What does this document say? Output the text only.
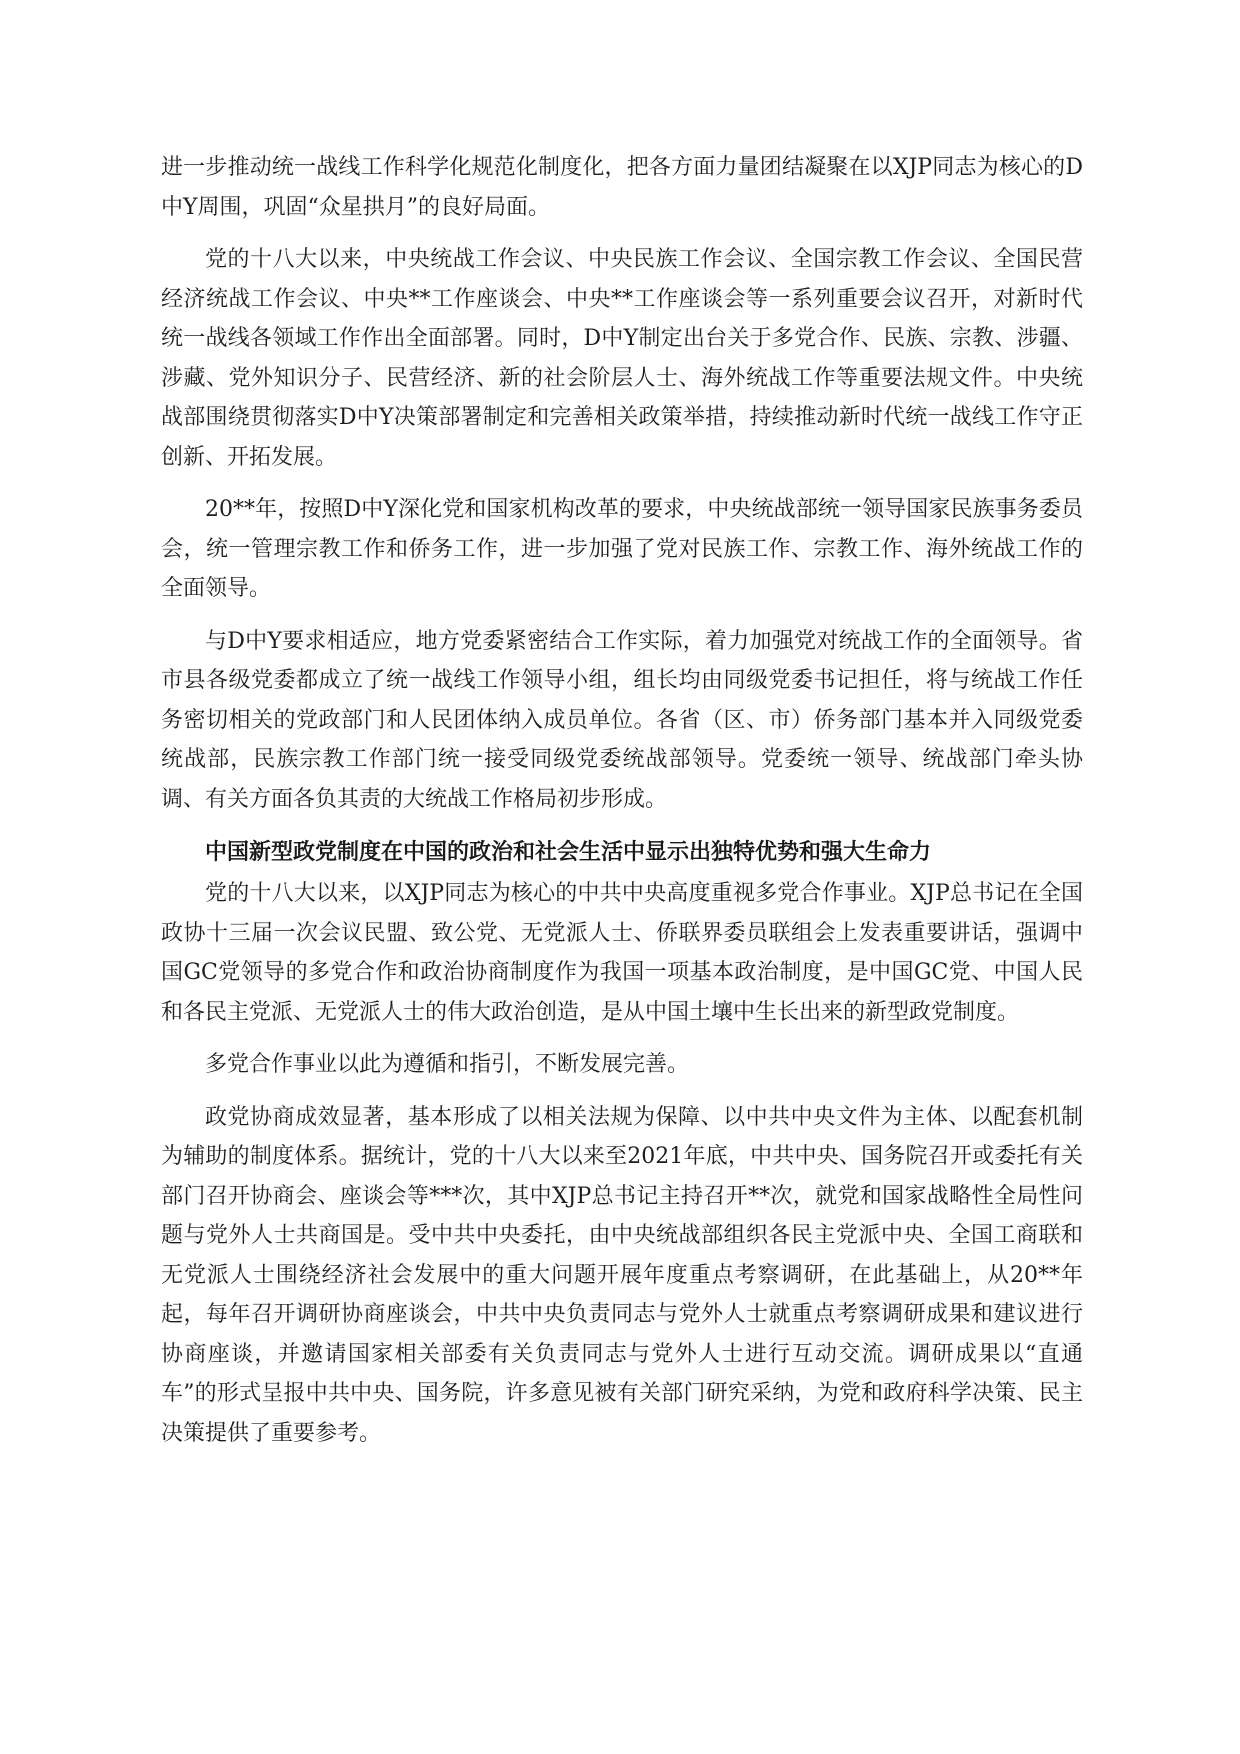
进一步推动统一战线工作科学化规范化制度化，把各方面力量团结凝聚在以XJP同志为核心的D中Y周围，巩固“众星拱月”的良好局面。

党的十八大以来，中央统战工作会议、中央民族工作会议、全国宗教工作会议、全国民营经济统战工作会议、中央**工作座谈会、中央**工作座谈会等一系列重要会议召开，对新时代统一战线各领域工作作出全面部署。同时，D中Y制定出台关于多党合作、民族、宗教、涉疆、涉藏、党外知识分子、民营经济、新的社会阶层人士、海外统战工作等重要法规文件。中央统战部围绕贯彻落实D中Y决策部署制定和完善相关政策举措，持续推动新时代统一战线工作守正创新、开拓发展。

20**年，按照D中Y深化党和国家机构改革的要求，中央统战部统一领导国家民族事务委员会，统一管理宗教工作和侨务工作，进一步加强了党对民族工作、宗教工作、海外统战工作的全面领导。

与D中Y要求相适应，地方党委紧密结合工作实际，着力加强党对统战工作的全面领导。省市县各级党委都成立了统一战线工作领导小组，组长均由同级党委书记担任，将与统战工作任务密切相关的党政部门和人民团体纳入成员单位。各省（区、市）侨务部门基本并入同级党委统战部，民族宗教工作部门统一接受同级党委统战部领导。党委统一领导、统战部门牵头协调、有关方面各负其责的大统战工作格局初步形成。

中国新型政党制度在中国的政治和社会生活中显示出独特优势和强大生命力

党的十八大以来，以XJP同志为核心的中共中央高度重视多党合作事业。XJP总书记在全国政协十三届一次会议民盟、致公党、无党派人士、侨联界委员联组会上发表重要讲话，强调中国GC党领导的多党合作和政治协商制度作为我国一项基本政治制度，是中国GC党、中国人民和各民主党派、无党派人士的伟大政治创造，是从中国土壤中生长出来的新型政党制度。

多党合作事业以此为遵循和指引，不断发展完善。

政党协商成效显著，基本形成了以相关法规为保障、以中共中央文件为主体、以配套机制为辅助的制度体系。据统计，党的十八大以来至2021年底，中共中央、国务院召开或委托有关部门召开协商会、座谈会等***次，其中XJP总书记主持召开**次，就党和国家战略性全局性问题与党外人士共商国是。受中共中央委托，由中央统战部组织各民主党派中央、全国工商联和无党派人士围绕经济社会发展中的重大问题开展年度重点考察调研，在此基础上，从20**年起，每年召开调研协商座谈会，中共中央负责同志与党外人士就重点考察调研成果和建议进行协商座谈，并邀请国家相关部委有关负责同志与党外人士进行互动交流。调研成果以“直通车”的形式呈报中共中央、国务院，许多意见被有关部门研究采纳，为党和政府科学决策、民主决策提供了重要参考。
